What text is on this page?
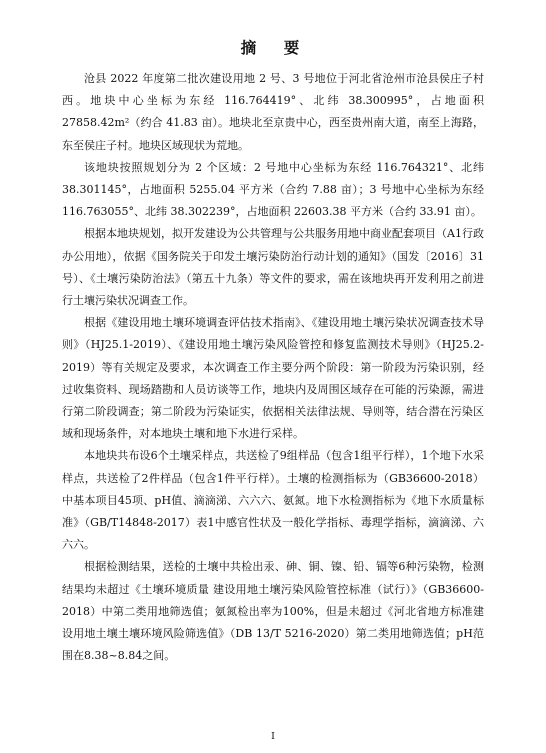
摘　要

沧县 2022 年度第二批次建设用地 2 号、3 号地位于河北省沧州市沧县侯庄子村西。地块中心坐标为东经 116.764419°、北纬 38.300995°，占地面积 27858.42m²（约合 41.83 亩）。地块北至京贵中心，西至贵州南大道，南至上海路，东至侯庄子村。地块区域现状为荒地。

该地块按照规划分为 2 个区域：2 号地中心坐标为东经 116.764321°、北纬 38.301145°，占地面积 5255.04 平方米（合约 7.88 亩）；3 号地中心坐标为东经 116.763055°、北纬 38.302239°，占地面积 22603.38 平方米（合约 33.91 亩）。

根据本地块规划，拟开发建设为公共管理与公共服务用地中商业配套项目（A1行政办公用地），依据《国务院关于印发土壤污染防治行动计划的通知》（国发〔2016〕31号）、《土壤污染防治法》（第五十九条）等文件的要求，需在该地块再开发利用之前进行土壤污染状况调查工作。

根据《建设用地土壤环境调查评估技术指南》、《建设用地土壤污染状况调查技术导则》（HJ25.1-2019）、《建设用地土壤污染风险管控和修复监测技术导则》（HJ25.2-2019）等有关规定及要求，本次调查工作主要分两个阶段：第一阶段为污染识别，经过收集资料、现场踏勘和人员访谈等工作，地块内及周围区域存在可能的污染源，需进行第二阶段调查；第二阶段为污染证实，依据相关法律法规、导则等，结合潜在污染区域和现场条件，对本地块土壤和地下水进行采样。

本地块共布设6个土壤采样点，共送检了9组样品（包含1组平行样），1个地下水采样点，共送检了2件样品（包含1件平行样）。土壤的检测指标为（GB36600-2018）中基本项目45项、pH值、滴滴涕、六六六、氨氮。地下水检测指标为《地下水质量标准》（GB/T14848-2017）表1中感官性状及一般化学指标、毒理学指标，滴滴涕、六六六。

根据检测结果，送检的土壤中共检出汞、砷、铜、镍、铅、镉等6种污染物，检测结果均未超过《土壤环境质量 建设用地土壤污染风险管控标准（试行）》（GB36600-2018）中第二类用地筛选值；氨氮检出率为100%，但是未超过《河北省地方标准建设用地土壤土壤环境风险筛选值》（DB 13/T 5216-2020）第二类用地筛选值；pH范围在8.38~8.84之间。

I
